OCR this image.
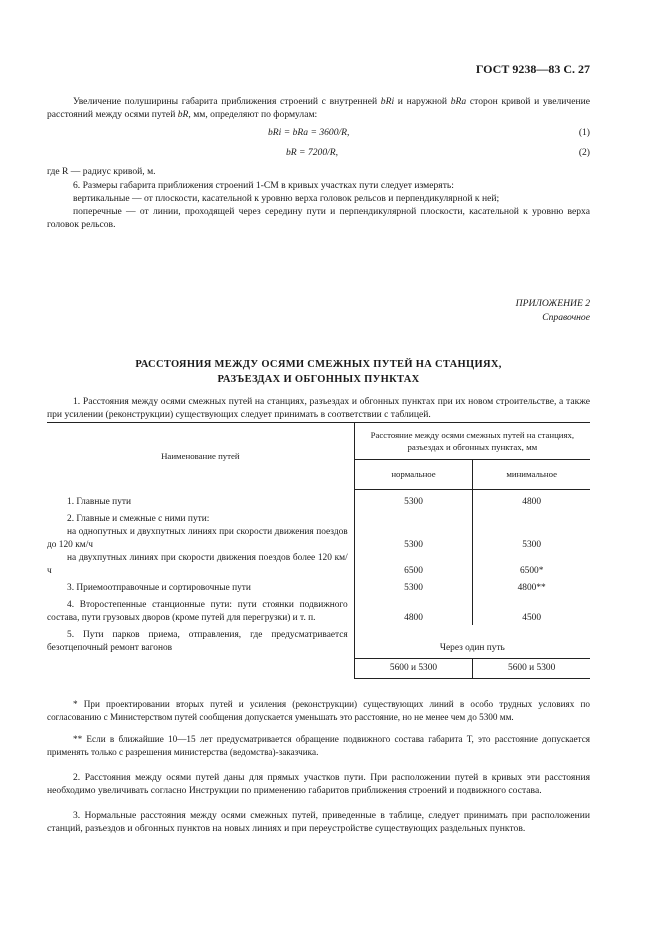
ГОСТ 9238—83 С. 27
Увеличение полуширины габарита приближения строений с внутренней bRi и наружной bRa сторон кривой и увеличение расстояний между осями путей bR, мм, определяют по формулам:
bRi = bRa = 3600/R,	(1)
bR = 7200/R,	(2)
где R — радиус кривой, м.
6. Размеры габарита приближения строений 1-СМ в кривых участках пути следует измерять:
вертикальные — от плоскости, касательной к уровню верха головок рельсов и перпендикулярной к ней;
поперечные — от линии, проходящей через середину пути и перпендикулярной плоскости, касательной к уровню верха головок рельсов.
ПРИЛОЖЕНИЕ 2
Справочное
РАССТОЯНИЯ МЕЖДУ ОСЯМИ СМЕЖНЫХ ПУТЕЙ НА СТАНЦИЯХ,
РАЗЪЕЗДАХ И ОБГОННЫХ ПУНКТАХ
1. Расстояния между осями смежных путей на станциях, разъездах и обгонных пунктах при их новом строительстве, а также при усилении (реконструкции) существующих следует принимать в соответствии с таблицей.
Наименование путей	Расстояние между осями смежных путей на станциях, разъездах и обгонных пунктах, мм	
	нормальное	минимальное
1. Главные пути	5300	4800
2. Главные и смежные с ними пути:		
на однопутных и двухпутных линиях при скорости движения поездов до 120 км/ч	5300	5300
на двухпутных линиях при скорости движения поездов более 120 км/ч	6500	6500*
3. Приемоотправочные и сортировочные пути	5300	4800**
4. Второстепенные станционные пути: пути стоянки подвижного состава, пути грузовых дворов (кроме путей для перегрузки) и т. п.	4800	4500
5. Пути парков приема, отправления, где предусматривается безотцепочный ремонт вагонов	Через один путь	
	5600 и 5300	5600 и 5300
* При проектировании вторых путей и усиления (реконструкции) существующих линий в особо трудных условиях по согласованию с Министерством путей сообщения допускается уменьшать это расстояние, но не менее чем до 5300 мм.
** Если в ближайшие 10—15 лет предусматривается обращение подвижного состава габарита Т, это расстояние допускается применять только с разрешения министерства (ведомства)-заказчика.
2. Расстояния между осями путей даны для прямых участков пути. При расположении путей в кривых эти расстояния необходимо увеличивать согласно Инструкции по применению габаритов приближения строений и подвижного состава.
3. Нормальные расстояния между осями смежных путей, приведенные в таблице, следует принимать при расположении станций, разъездов и обгонных пунктов на новых линиях и при переустройстве существующих раздельных пунктов.
